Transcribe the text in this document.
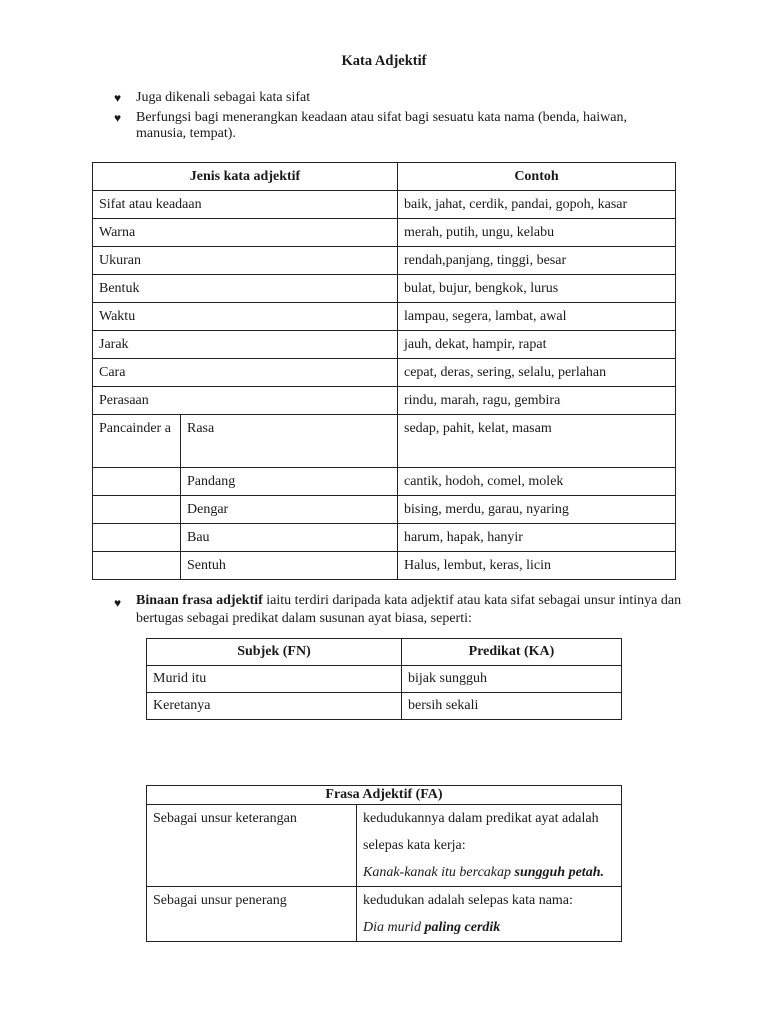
Kata Adjektif
♥ Juga dikenali sebagai kata sifat
♥ Berfungsi bagi menerangkan keadaan atau sifat bagi sesuatu kata nama (benda, haiwan, manusia, tempat).
Jenis kata adjektif		Contoh
Sifat atau keadaan		baik, jahat, cerdik, pandai, gopoh, kasar
Warna		merah, putih, ungu, kelabu
Ukuran		rendah,panjang, tinggi, besar
Bentuk		bulat, bujur, bengkok, lurus
Waktu		lampau, segera, lambat, awal
Jarak		jauh, dekat, hampir, rapat
Cara		cepat, deras, sering, selalu, perlahan
Perasaan		rindu, marah, ragu, gembira
Pancainder a	Rasa	sedap, pahit, kelat, masam
	Pandang	cantik, hodoh, comel, molek
	Dengar	bising, merdu, garau, nyaring
	Bau	harum, hapak, hanyir
	Sentuh	Halus, lembut, keras, licin

♥ Binaan frasa adjektif iaitu terdiri daripada kata adjektif atau kata sifat sebagai unsur intinya dan bertugas sebagai predikat dalam susunan ayat biasa, seperti:

Subjek (FN)	Predikat (KA)
Murid itu	bijak sungguh
Keretanya	bersih sekali
Frasa Adjektif (FA)	
Sebagai unsur keterangan	kedudukannya dalam predikat ayat adalah selepas kata kerja:
Kanak-kanak itu bercakap sungguh petah.

Sebagai unsur penerang	kedudukan adalah selepas kata nama:
Dia murid paling cerdik
